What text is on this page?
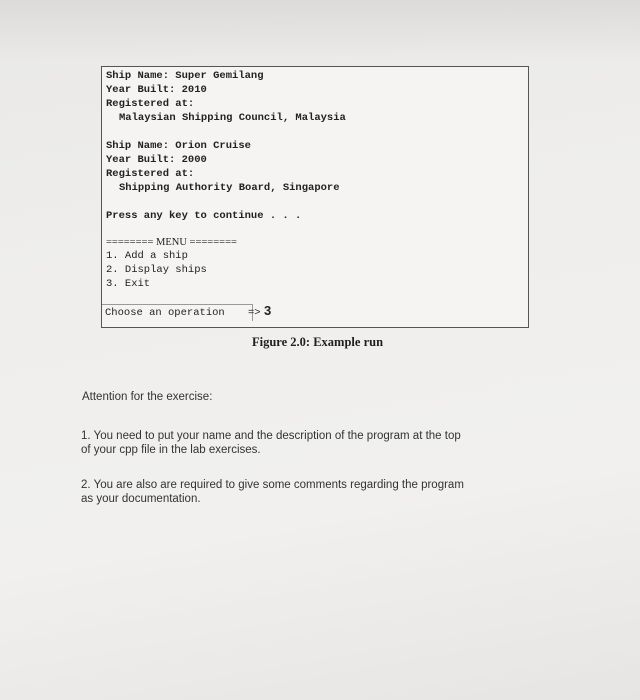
Ship Name: Super Gemilang
Year Built: 2010
Registered at:
Malaysian Shipping Council, Malaysia
Ship Name: Orion Cruise
Year Built: 2000
Registered at:
Shipping Authority Board, Singapore
Press any key to continue . . .
======== MENU ========
1. Add a ship
2. Display ships
3. Exit
Choose an operation => 3
Figure 2.0: Example run
Attention for the exercise:
1. You need to put your name and the description of the program at the top
of your cpp file in the lab exercises.
2. You are also are required to give some comments regarding the program
as your documentation.
